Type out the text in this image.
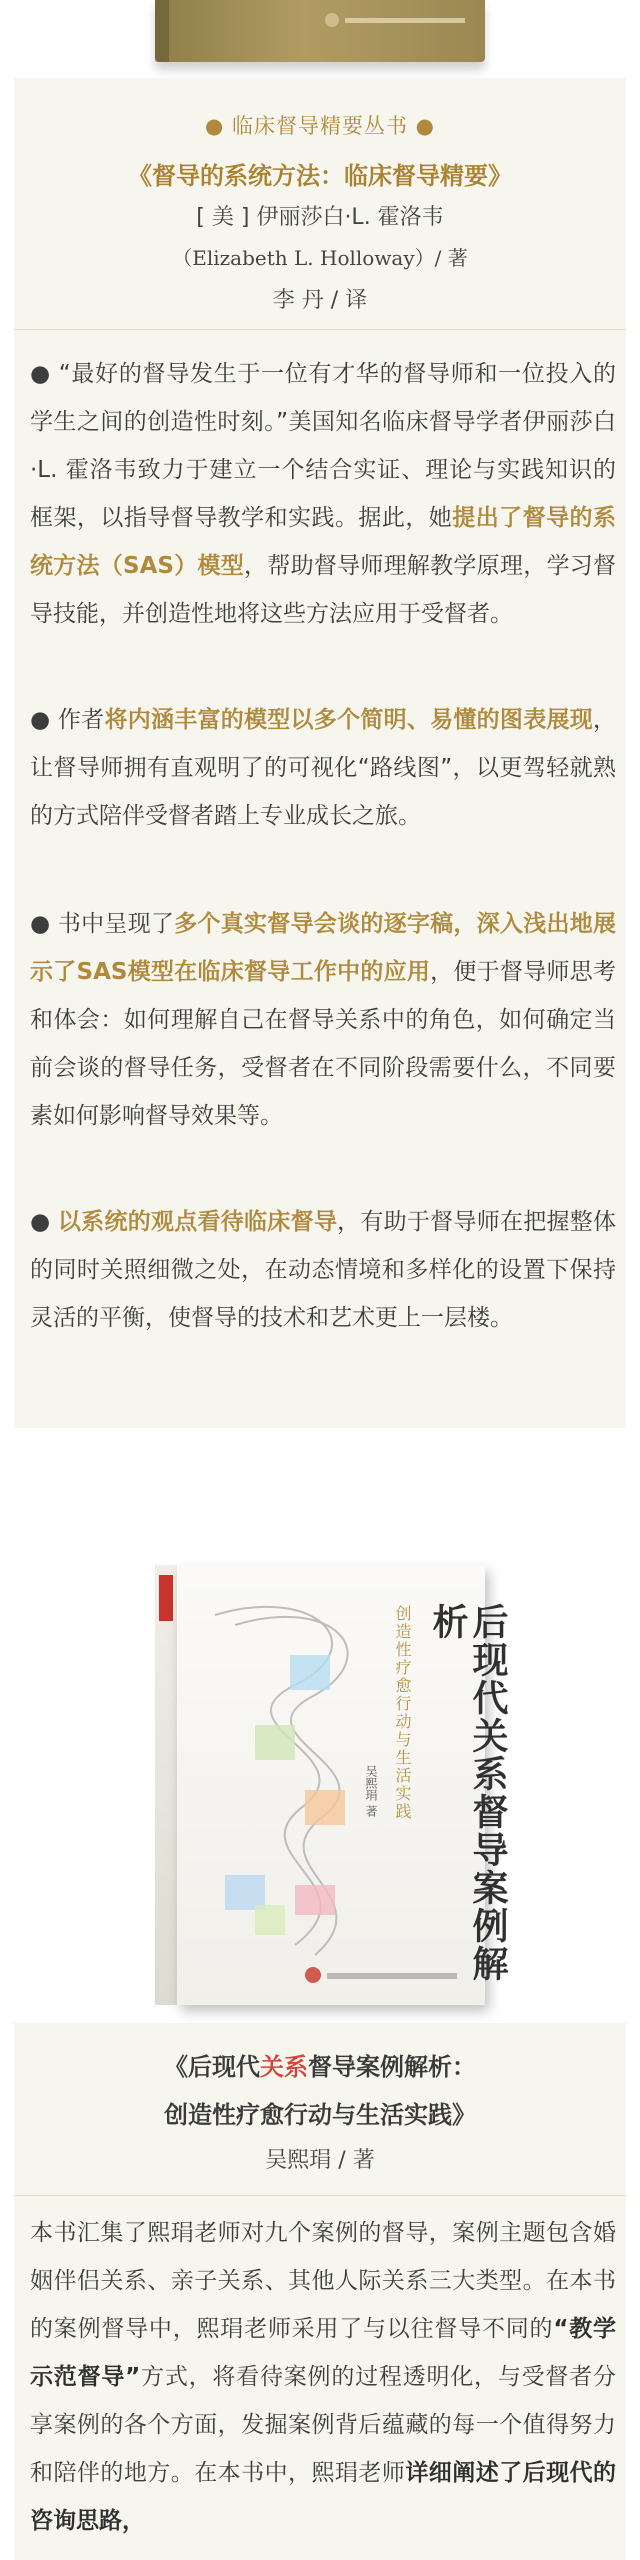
● 临床督导精要丛书 ●
《督导的系统方法：临床督导精要》
[ 美 ] 伊丽莎白·L. 霍洛韦
（Elizabeth L. Holloway）/ 著
李 丹 / 译
● “最好的督导发生于一位有才华的督导师和一位投入的学生之间的创造性时刻。”美国知名临床督导学者伊丽莎白·L. 霍洛韦致力于建立一个结合实证、理论与实践知识的框架，以指导督导教学和实践。据此，她提出了督导的系统方法（SAS）模型，帮助督导师理解教学原理，学习督导技能，并创造性地将这些方法应用于受督者。
● 作者将内涵丰富的模型以多个简明、易懂的图表展现，让督导师拥有直观明了的可视化“路线图”，以更驾轻就熟的方式陪伴受督者踏上专业成长之旅。
● 书中呈现了多个真实督导会谈的逐字稿，深入浅出地展示了SAS模型在临床督导工作中的应用，便于督导师思考和体会：如何理解自己在督导关系中的角色，如何确定当前会谈的督导任务，受督者在不同阶段需要什么，不同要素如何影响督导效果等。
● 以系统的观点看待临床督导，有助于督导师在把握整体的同时关照细微之处，在动态情境和多样化的设置下保持灵活的平衡，使督导的技术和艺术更上一层楼。
后现代关系督导案例解析
创造性疗愈行动与生活实践
吴熙琄 著
《后现代关系督导案例解析：
创造性疗愈行动与生活实践》
吴熙琄 / 著
本书汇集了熙琄老师对九个案例的督导，案例主题包含婚姻伴侣关系、亲子关系、其他人际关系三大类型。在本书的案例督导中，熙琄老师采用了与以往督导不同的“教学示范督导”方式，将看待案例的过程透明化，与受督者分享案例的各个方面，发掘案例背后蕴藏的每一个值得努力和陪伴的地方。在本书中，熙琄老师详细阐述了后现代的咨询思路，
